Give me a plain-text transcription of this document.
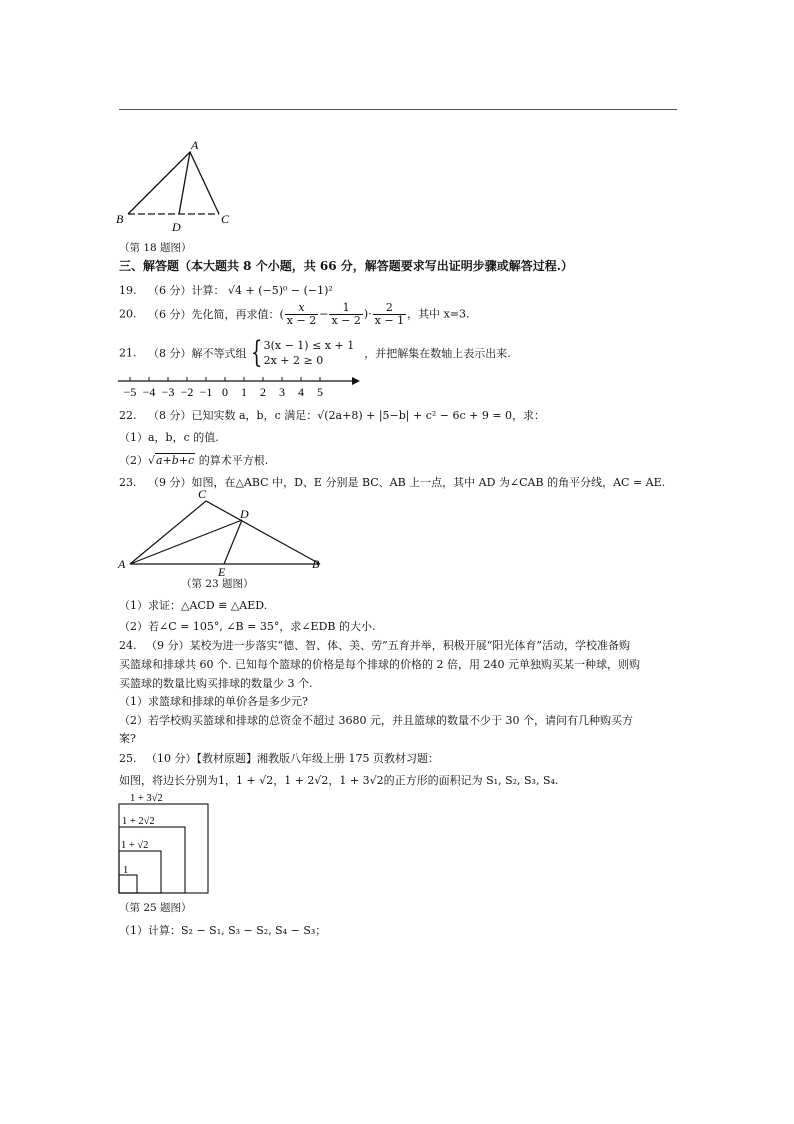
A
B	C
D
（第 18 题图）
三、解答题（本大题共 8 个小题，共 66 分，解答题要求写出证明步骤或解答过程.）
19. （6 分）计算： √4 + (−5)⁰ − (−1)²
20. （6 分）先化简，再求值：( $\frac{x}{x - 2} - \frac{1}{x - 2}$ )· $\frac{2}{x - 1}$ ，其中 x=3.
21. （8 分）解不等式组 { 3(x − 1) ≤ x + 1
2x + 2 ≥ 0
，并把解集在数轴上表示出来.
−5 −4 −3 −2 −1 0 1 2 3 4 5
22. （8 分）已知实数 a，b，c 满足：√(2a+8) + |5−b| + c² − 6c + 9 = 0，求：
（1）a，b，c 的值.
（2）√a+b+c 的算术平方根.
23. （9 分）如图，在△ABC 中，D、E 分别是 BC、AB 上一点，其中 AD 为∠CAB 的角平分线，AC = AE.
C
D
A
E
B
（第 23 题图）
（1）求证：△ACD ≌ △AED.
（2）若∠C = 105°, ∠B = 35°，求∠EDB 的大小.
24. （9 分）某校为进一步落实“德、智、体、美、劳”五育并举，积极开展“阳光体育”活动，学校准备购
买篮球和排球共 60 个. 已知每个篮球的价格是每个排球的价格的 2 倍，用 240 元单独购买某一种球，则购
买篮球的数量比购买排球的数量少 3 个.
（1）求篮球和排球的单价各是多少元?
（2）若学校购买篮球和排球的总资金不超过 3680 元，并且篮球的数量不少于 30 个，请问有几种购买方
案?
25. （10 分）【教材原题】湘教版八年级上册 175 页教材习题：
如图，将边长分别为1，1 + √2，1 + 2√2，1 + 3√2的正方形的面积记为 S₁, S₂, S₃, S₄.
1 + 3√2
1 + 2√2
1 + √2
1
（第 25 题图）
（1）计算：S₂ − S₁, S₃ − S₂, S₄ − S₃；
